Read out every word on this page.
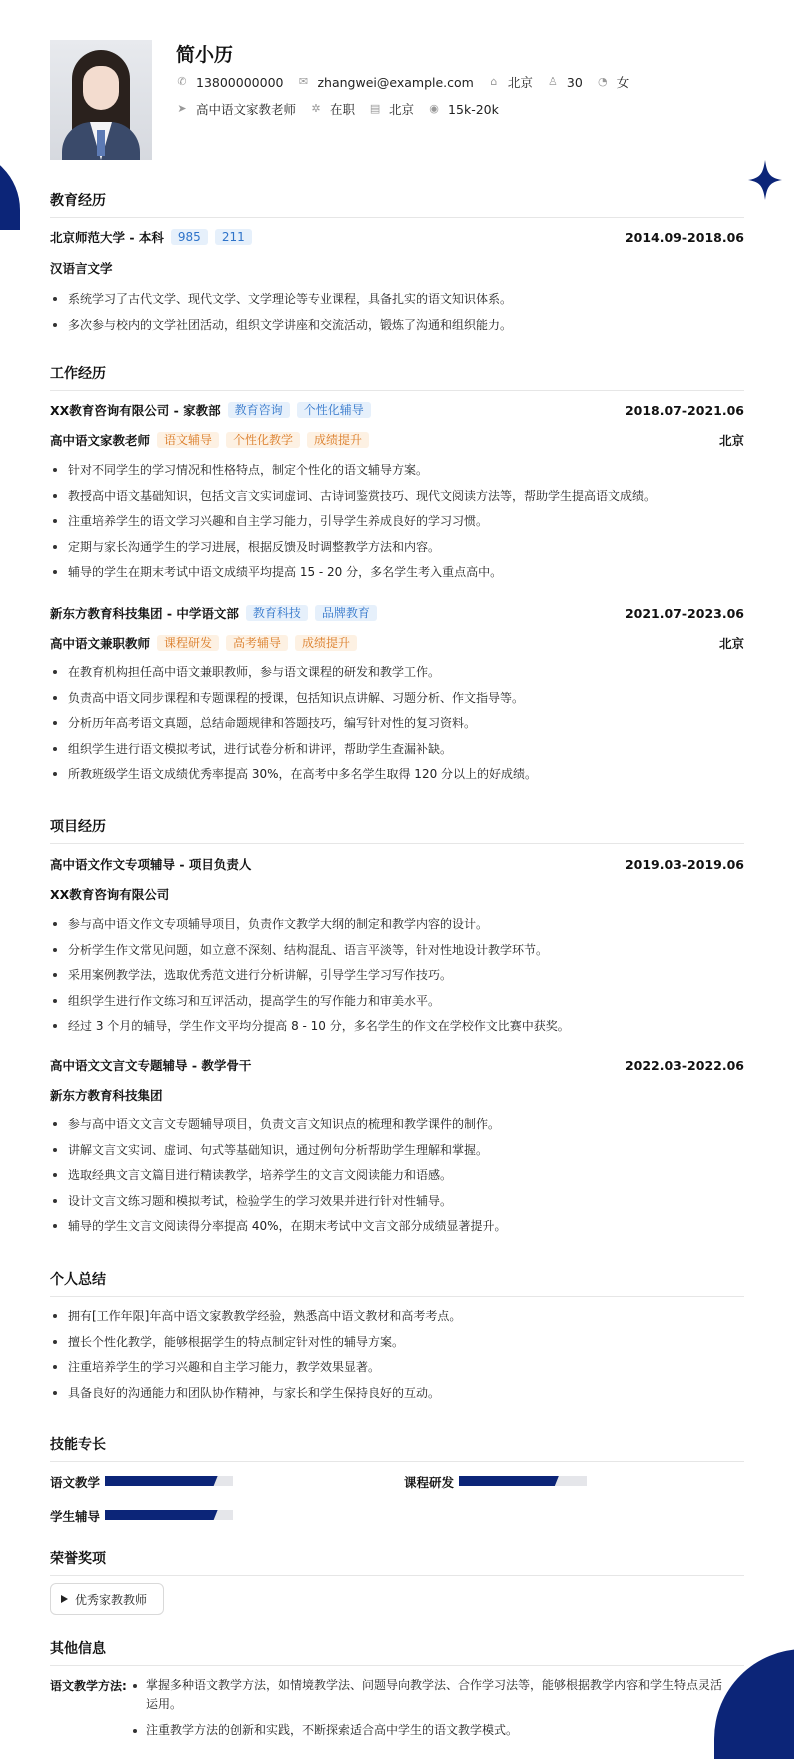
简小历
✆ 13800000000 ✉ zhangwei@example.com ⌂ 北京 ♙ 30 ◔ 女
➤ 高中语文家教老师 ✲ 在职 ▤ 北京 ◉ 15k-20k
教育经历
北京师范大学 - 本科	985	211	2014.09-2018.06
汉语言文学
系统学习了古代文学、现代文学、文学理论等专业课程，具备扎实的语文知识体系。
多次参与校内的文学社团活动，组织文学讲座和交流活动，锻炼了沟通和组织能力。
工作经历
XX教育咨询有限公司 - 家教部	教育咨询	个性化辅导	2018.07-2021.06
高中语文家教老师	语文辅导	个性化教学	成绩提升	北京
针对不同学生的学习情况和性格特点，制定个性化的语文辅导方案。
教授高中语文基础知识，包括文言文实词虚词、古诗词鉴赏技巧、现代文阅读方法等，帮助学生提高语文成绩。
注重培养学生的语文学习兴趣和自主学习能力，引导学生养成良好的学习习惯。
定期与家长沟通学生的学习进展，根据反馈及时调整教学方法和内容。
辅导的学生在期末考试中语文成绩平均提高 15 - 20 分，多名学生考入重点高中。
新东方教育科技集团 - 中学语文部	教育科技	品牌教育	2021.07-2023.06
高中语文兼职教师	课程研发	高考辅导	成绩提升	北京
在教育机构担任高中语文兼职教师，参与语文课程的研发和教学工作。
负责高中语文同步课程和专题课程的授课，包括知识点讲解、习题分析、作文指导等。
分析历年高考语文真题，总结命题规律和答题技巧，编写针对性的复习资料。
组织学生进行语文模拟考试，进行试卷分析和讲评，帮助学生查漏补缺。
所教班级学生语文成绩优秀率提高 30%，在高考中多名学生取得 120 分以上的好成绩。
项目经历
高中语文作文专项辅导 - 项目负责人	2019.03-2019.06
XX教育咨询有限公司
参与高中语文作文专项辅导项目，负责作文教学大纲的制定和教学内容的设计。
分析学生作文常见问题，如立意不深刻、结构混乱、语言平淡等，针对性地设计教学环节。
采用案例教学法，选取优秀范文进行分析讲解，引导学生学习写作技巧。
组织学生进行作文练习和互评活动，提高学生的写作能力和审美水平。
经过 3 个月的辅导，学生作文平均分提高 8 - 10 分，多名学生的作文在学校作文比赛中获奖。
高中语文文言文专题辅导 - 教学骨干	2022.03-2022.06
新东方教育科技集团
参与高中语文文言文专题辅导项目，负责文言文知识点的梳理和教学课件的制作。
讲解文言文实词、虚词、句式等基础知识，通过例句分析帮助学生理解和掌握。
选取经典文言文篇目进行精读教学，培养学生的文言文阅读能力和语感。
设计文言文练习题和模拟考试，检验学生的学习效果并进行针对性辅导。
辅导的学生文言文阅读得分率提高 40%，在期末考试中文言文部分成绩显著提升。
个人总结
拥有[工作年限]年高中语文家教教学经验，熟悉高中语文教材和高考考点。
擅长个性化教学，能够根据学生的特点制定针对性的辅导方案。
注重培养学生的学习兴趣和自主学习能力，教学效果显著。
具备良好的沟通能力和团队协作精神，与家长和学生保持良好的互动。
技能专长
语文教学	课程研发
学生辅导
荣誉奖项
优秀家教教师
其他信息
语文教学方法:	掌握多种语文教学方法，如情境教学法、问题导向教学法、合作学习法等，能够根据教学内容和学生特点灵活运用。
注重教学方法的创新和实践，不断探索适合高中学生的语文教学模式。
